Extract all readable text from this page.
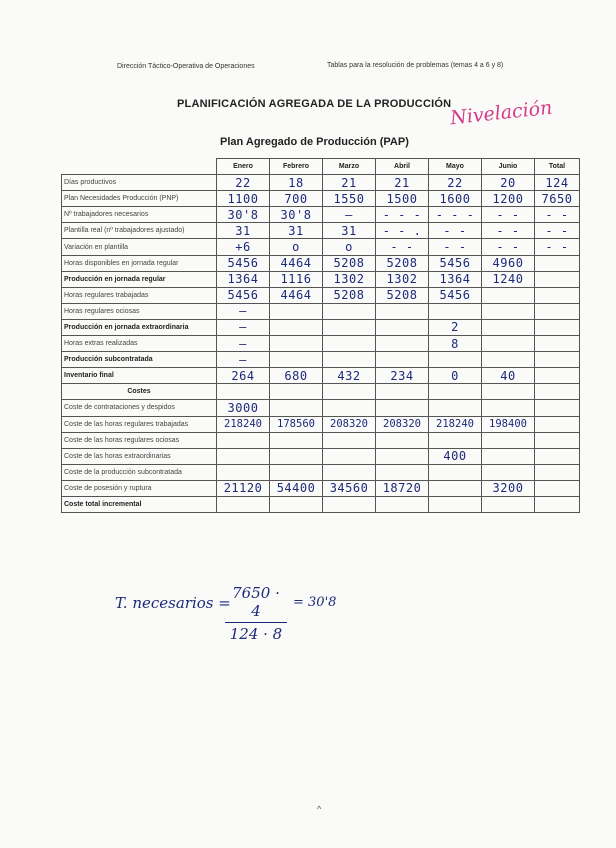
Dirección Táctico-Operativa de Operaciones	Tablas para la resolución de problemas (temas 4 a 6 y 8)
PLANIFICACIÓN AGREGADA DE LA PRODUCCIÓN
Nivelación
Plan Agregado de Producción (PAP)
	Enero	Febrero	Marzo	Abril	Mayo	Junio	Total
Días productivos	22	18	21	21	22	20	124
Plan Necesidades Producción (PNP)	1100	700	1550	1500	1600	1200	7650
Nº trabajadores necesarios	30'8	30'8	—	- - -	- - -	- -	- -
Plantilla real (nº trabajadores ajustado)	31	31	31	- - .	- -	- -	- -
Variación en plantilla	+6	o	o	- -	- -	- -	- -
Horas disponibles en jornada regular	5456	4464	5208	5208	5456	4960	
Producción en jornada regular	1364	1116	1302	1302	1364	1240	
Horas regulares trabajadas	5456	4464	5208	5208	5456		
Horas regulares ociosas	—						
Producción en jornada extraordinaria	—				2		
Horas extras realizadas	—				8		
Producción subcontratada	—						
Inventario final	264	680	432	234	0	40	
Costes							
Coste de contrataciones y despidos	3000						
Coste de las horas regulares trabajadas	218240	178560	208320	208320	218240	198400	
Coste de las horas regulares ociosas							
Coste de las horas extraordinarias					400		
Coste de la producción subcontratada							
Coste de posesión y ruptura	21120	54400	34560	18720		3200	
Coste total incremental							
T. necesarios =
7650 · 4
124 · 8
= 30'8
^
